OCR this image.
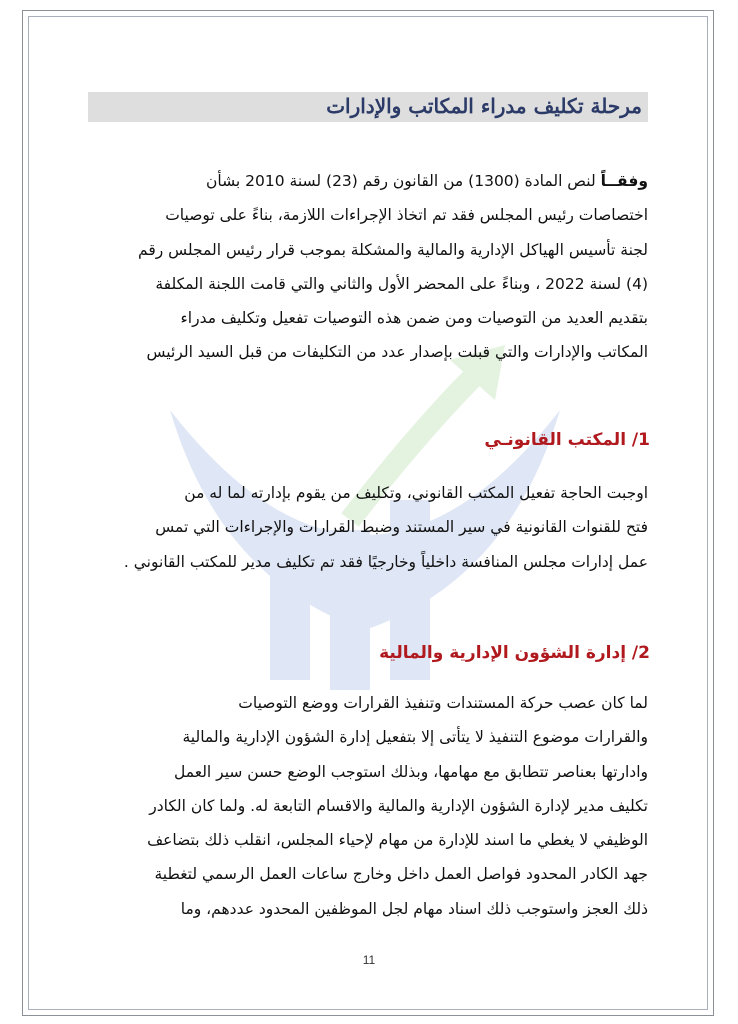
مرحلة تكليف مدراء المكاتب والإدارات
وفقــاً لنص المادة (1300) من القانون رقم (23) لسنة 2010 بشأن
اختصاصات رئيس المجلس فقد تم اتخاذ الإجراءات اللازمة، بناءً على توصيات
لجنة تأسيس الهياكل الإدارية والمالية والمشكلة بموجب قرار رئيس المجلس رقم
(4) لسنة 2022 ، وبناءً على المحضر الأول والثاني والتي قامت اللجنة المكلفة
بتقديم العديد من التوصيات ومن ضمن هذه التوصيات تفعيل وتكليف مدراء
المكاتب والإدارات والتي قبلت بإصدار عدد من التكليفات من قبل السيد الرئيس
1/ المكتب القانونـي
اوجبت الحاجة تفعيل المكتب القانوني، وتكليف من يقوم بإدارته لما له من
فتح للقنوات القانونية في سير المستند وضبط القرارات والإجراءات التي تمس
عمل إدارات مجلس المنافسة داخلياً وخارجيًا فقد تم تكليف مدير للمكتب القانوني .
2/ إدارة الشؤون الإدارية والمالية
لما كان عصب حركة المستندات وتنفيذ القرارات ووضع التوصيات
والقرارات موضوع التنفيذ لا يتأتى إلا بتفعيل إدارة الشؤون الإدارية والمالية
وادارتها بعناصر تتطابق مع مهامها، وبذلك استوجب الوضع حسن سير العمل
تكليف مدير لإدارة الشؤون الإدارية والمالية والاقسام التابعة له. ولما كان الكادر
الوظيفي لا يغطي ما اسند للإدارة من مهام لإحياء المجلس، انقلب ذلك بتضاعف
جهد الكادر المحدود فواصل العمل داخل وخارج ساعات العمل الرسمي لتغطية
ذلك العجز واستوجب ذلك اسناد مهام لجل الموظفين المحدود عددهم، وما
11
